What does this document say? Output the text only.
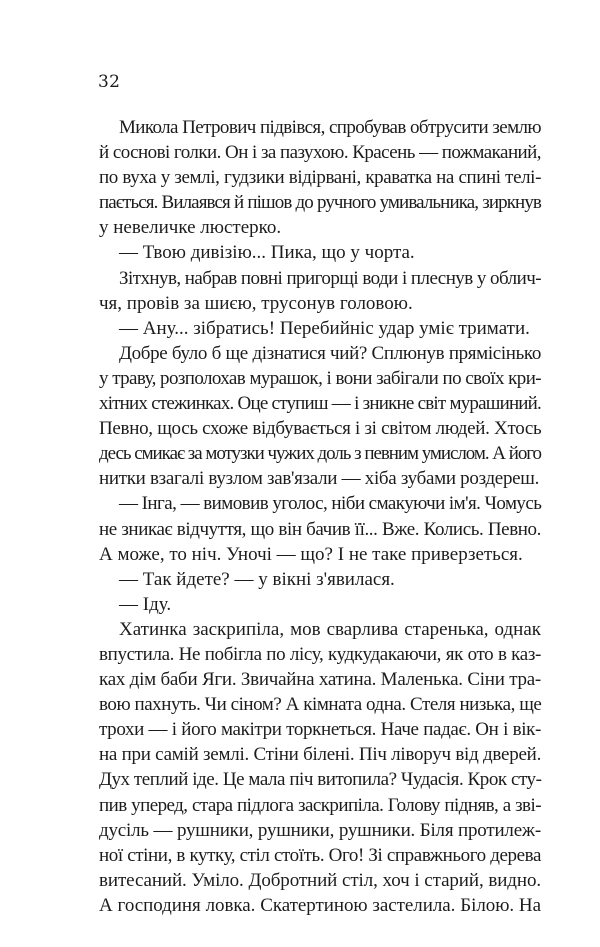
32
Микола Петрович підвівся, спробував обтрусити землю
й соснові голки. Он і за пазухою. Красень — пожмаканий,
по вуха у землі, гудзики відірвані, краватка на спині телі-
пається. Вилаявся й пішов до ручного умивальника, зиркнув
у невеличке люстерко.
— Твою дивізію... Пика, що у чорта.
Зітхнув, набрав повні пригорщі води і плеснув у облич-
чя, провів за шиєю, трусонув головою.
— Ану... зібратись! Перебийніс удар уміє тримати.
Добре було б ще дізнатися чий? Сплюнув прямісінько
у траву, розполохав мурашок, і вони забігали по своїх кри-
хітних стежинках. Оце ступиш — і зникне світ мурашиний.
Певно, щось схоже відбувається і зі світом людей. Хтось
десь смикає за мотузки чужих доль з певним умислом. А його
нитки взагалі вузлом зав'язали — хіба зубами роздереш.
— Інга, — вимовив уголос, ніби смакуючи ім'я. Чомусь
не зникає відчуття, що він бачив її... Вже. Колись. Певно.
А може, то ніч. Уночі — що? І не таке приверзеться.
— Так йдете? — у вікні з'явилася.
— Іду.
Хатинка заскрипіла, мов сварлива старенька, однак
впустила. Не побігла по лісу, кудкудакаючи, як ото в каз-
ках дім баби Яги. Звичайна хатина. Маленька. Сіни тра-
вою пахнуть. Чи сіном? А кімната одна. Стеля низька, ще
трохи — і його макітри торкнеться. Наче падає. Он і вік-
на при самій землі. Стіни білені. Піч ліворуч від дверей.
Дух теплий іде. Це мала піч витопила? Чудасія. Крок сту-
пив уперед, стара підлога заскрипіла. Голову підняв, а зві-
дусіль — рушники, рушники, рушники. Біля протилеж-
ної стіни, в кутку, стіл стоїть. Ого! Зі справжнього дерева
витесаний. Уміло. Добротний стіл, хоч і старий, видно.
А господиня ловка. Скатертиною застелила. Білою. На
